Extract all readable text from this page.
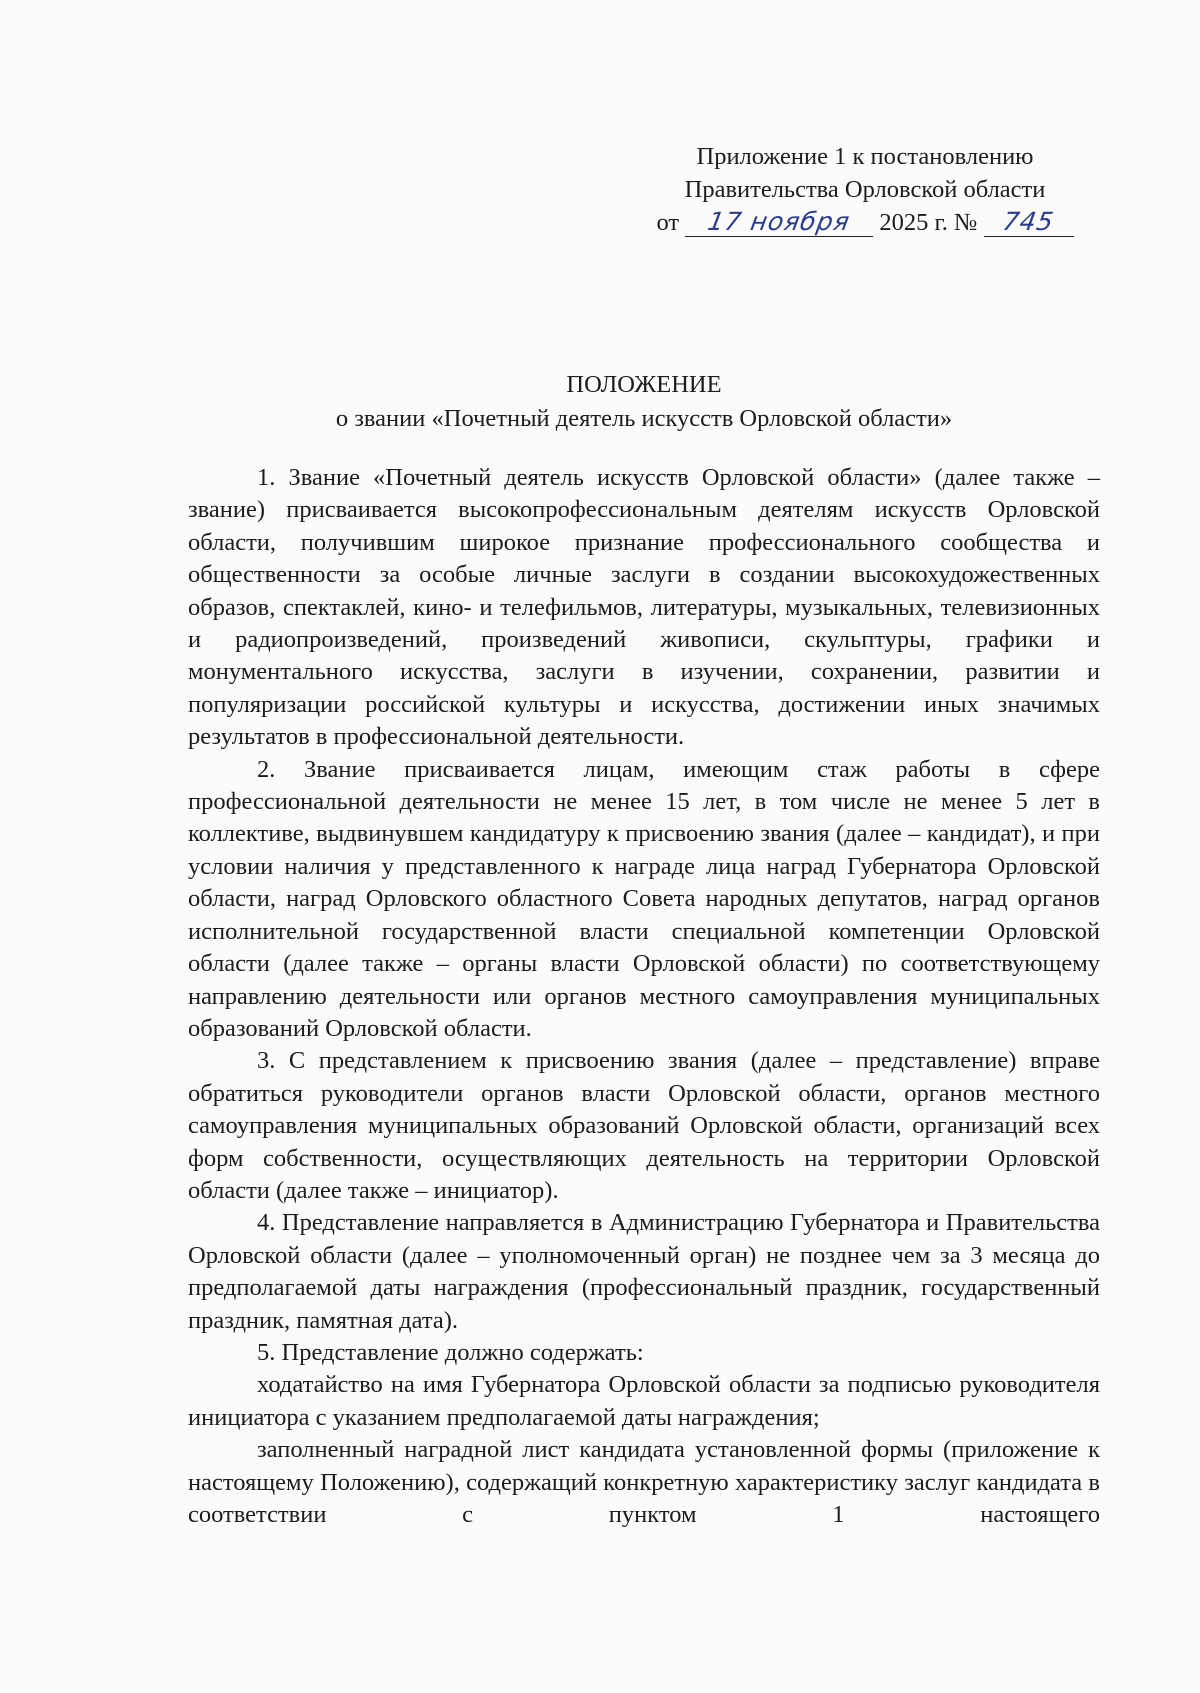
Приложение 1 к постановлению
Правительства Орловской области
от 17 ноября 2025 г. № 745
ПОЛОЖЕНИЕ
о звании «Почетный деятель искусств Орловской области»

1. Звание «Почетный деятель искусств Орловской области» (далее также – звание) присваивается высокопрофессиональным деятелям искусств Орловской области, получившим широкое признание профессионального сообщества и общественности за особые личные заслуги в создании высокохудожественных образов, спектаклей, кино- и телефильмов, литературы, музыкальных, телевизионных и радиопроизведений, произведений живописи, скульптуры, графики и монументального искусства, заслуги в изучении, сохранении, развитии и популяризации российской культуры и искусства, достижении иных значимых результатов в профессиональной деятельности.

2. Звание присваивается лицам, имеющим стаж работы в сфере профессиональной деятельности не менее 15 лет, в том числе не менее 5 лет в коллективе, выдвинувшем кандидатуру к присвоению звания (далее – кандидат), и при условии наличия у представленного к награде лица наград Губернатора Орловской области, наград Орловского областного Совета народных депутатов, наград органов исполнительной государственной власти специальной компетенции Орловской области (далее также – органы власти Орловской области) по соответствующему направлению деятельности или органов местного самоуправления муниципальных образований Орловской области.

3. С представлением к присвоению звания (далее – представление) вправе обратиться руководители органов власти Орловской области, органов местного самоуправления муниципальных образований Орловской области, организаций всех форм собственности, осуществляющих деятельность на территории Орловской области (далее также – инициатор).

4. Представление направляется в Администрацию Губернатора и Правительства Орловской области (далее – уполномоченный орган) не позднее чем за 3 месяца до предполагаемой даты награждения (профессиональный праздник, государственный праздник, памятная дата).

5. Представление должно содержать:

ходатайство на имя Губернатора Орловской области за подписью руководителя инициатора с указанием предполагаемой даты награждения;

заполненный наградной лист кандидата установленной формы (приложение к настоящему Положению), содержащий конкретную характеристику заслуг кандидата в соответствии с пунктом 1 настоящего
